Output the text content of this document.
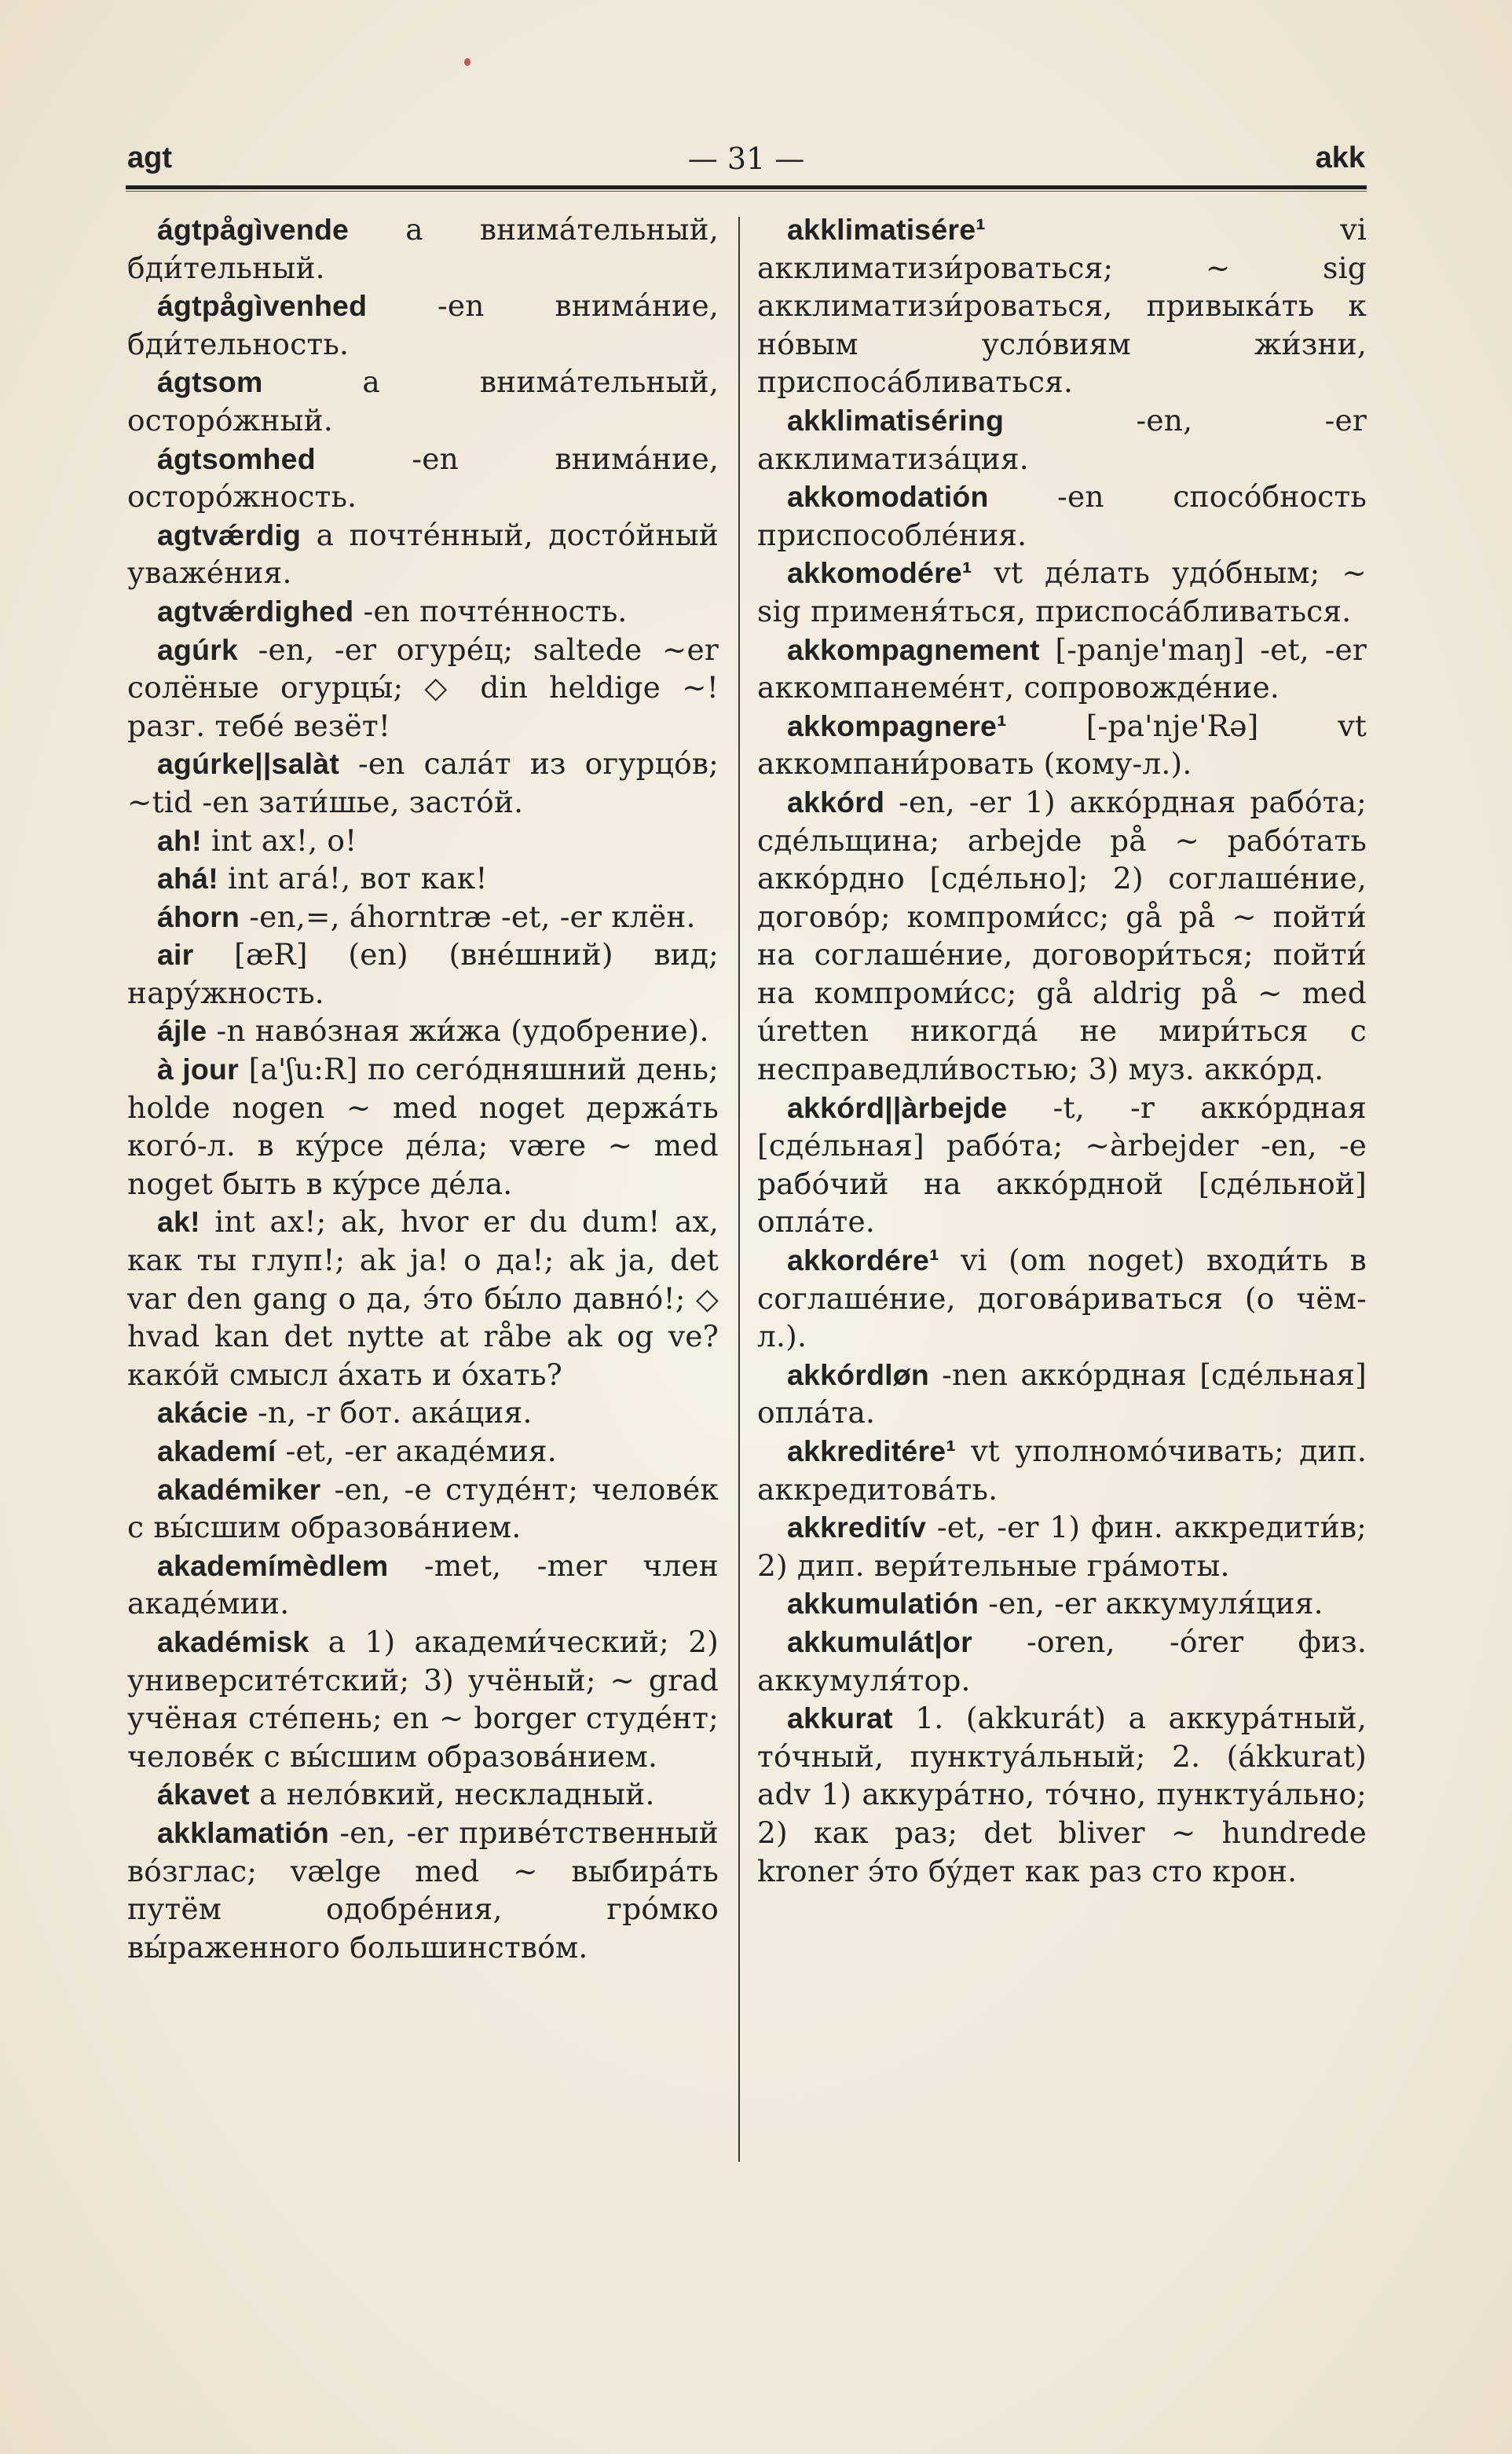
agt	— 31 —	akk

ágtpågìvende a внимáтельный, бди́тельный.

ágtpågìvenhed -en внимáние, бди́тельность.

ágtsom a внимáтельный, осторóжный.

ágtsomhed -en внимáние, осторóжность.

agtvǽrdig a почтéнный, достóйный уважéния.

agtvǽrdighed -en почтéнность.

agúrk -en, -er огурéц; saltede ~er солёные огурцы́; ◇ din heldige ~! разг. тебé везёт!

agúrke||salàt -en салáт из огурцóв; ~tid -en зати́шье, застóй.

ah! int ах!, о!

ahá! int агá!, вот как!

áhorn -en,=, áhorntræ -et, -er клён.

air [æR] (en) (внéшний) вид; нарýжность.

ájle -n навóзная жи́жа (удобрение).

à jour [a'ʃu:R] по сегóдняшний день; holde nogen ~ med noget держáть когó-л. в кýрсе дéла; være ~ med noget быть в кýрсе дéла.

ak! int ах!; ak, hvor er du dum! ах, как ты глуп!; ak ja! о да!; ak ja, det var den gang о да, э́то бы́ло давнó!; ◇ hvad kan det nytte at råbe ak og ve? какóй смысл áхать и óхать?

akácie -n, -r бот. акáция.

akademí -et, -er акадéмия.

akadémiker -en, -e студéнт; человéк с вы́сшим образовáнием.

akademímèdlem -met, -mer член акадéмии.

akadémisk a 1) академи́ческий; 2) университéтский; 3) учёный; ~ grad учёная стéпень; en ~ borger студéнт; человéк с вы́сшим образовáнием.

ákavet a нелóвкий, нескладный.

akklamatión -en, -er привéтственный вóзглас; vælge med ~ выбирáть путём одобрéния, грóмко вы́раженного большинствóм.

akklimatisére¹ vi акклиматизи́роваться; ~ sig акклиматизи́роваться, привыкáть к нóвым услóвиям жи́зни, приспосáбливаться.

akklimatiséring -en, -er акклиматизáция.

akkomodatión -en спосóбность приспособлéния.

akkomodére¹ vt дéлать удóбным; ~ sig применя́ться, приспосáбливаться.

akkompagnement [-panje'maŋ] -et, -er аккомпанемéнт, сопровождéние.

akkompagnere¹ [-pa'nje'Rə] vt аккомпани́ровать (кому-л.).

akkórd -en, -er 1) аккóрдная рабóта; сдéльщина; arbejde på ~ рабóтать аккóрдно [сдéльно]; 2) соглашéние, договóр; компроми́сс; gå på ~ пойти́ на соглашéние, договори́ться; пойти́ на компроми́сс; gå aldrig på ~ med úretten никогдá не мири́ться с несправедли́востью; 3) муз. аккóрд.

akkórd||àrbejde -t, -r аккóрдная [сдéльная] рабóта; ~àrbejder -en, -e рабóчий на аккóрдной [сдéльной] оплáте.

akkordére¹ vi (om noget) входи́ть в соглашéние, договáриваться (о чём-л.).

akkórdløn -nen аккóрдная [сдéльная] оплáта.

akkreditére¹ vt уполномóчивать; дип. аккредитовáть.

akkreditív -et, -er 1) фин. аккредити́в; 2) дип. вери́тельные грáмоты.

akkumulatión -en, -er аккумуля́ция.

akkumulát|or -oren, -órer физ. аккумуля́тор.

akkurat 1. (akkurát) a аккурáтный, тóчный, пунктуáльный; 2. (ákkurat) adv 1) аккурáтно, тóчно, пунктуáльно; 2) как раз; det bliver ~ hundrede kroner э́то бýдет как раз сто крон.
